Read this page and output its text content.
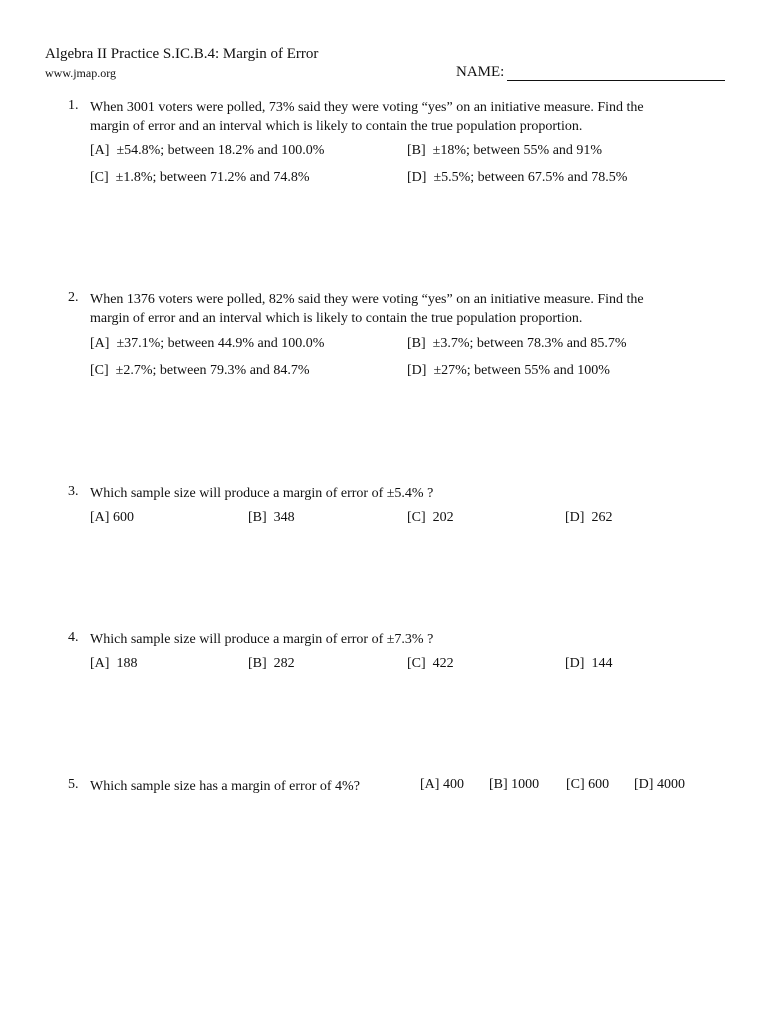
Algebra II Practice S.IC.B.4: Margin of Error
www.jmap.org	NAME:
1. When 3001 voters were polled, 73% said they were voting “yes” on an initiative measure. Find the
margin of error and an interval which is likely to contain the true population proportion.
[A] ±54.8%; between 18.2% and 100.0%	[B] ±18%; between 55% and 91%
[C] ±1.8%; between 71.2% and 74.8%	[D] ±5.5%; between 67.5% and 78.5%
2. When 1376 voters were polled, 82% said they were voting “yes” on an initiative measure. Find the
margin of error and an interval which is likely to contain the true population proportion.
[A] ±37.1%; between 44.9% and 100.0%	[B] ±3.7%; between 78.3% and 85.7%
[C] ±2.7%; between 79.3% and 84.7%	[D] ±27%; between 55% and 100%
3. Which sample size will produce a margin of error of ±5.4% ?
[A] 600	[B] 348	[C] 202	[D] 262
4. Which sample size will produce a margin of error of ±7.3% ?
[A] 188	[B] 282	[C] 422	[D] 144
5. Which sample size has a margin of error of 4%?	[A] 400 [B] 1000 [C] 600 [D] 4000
